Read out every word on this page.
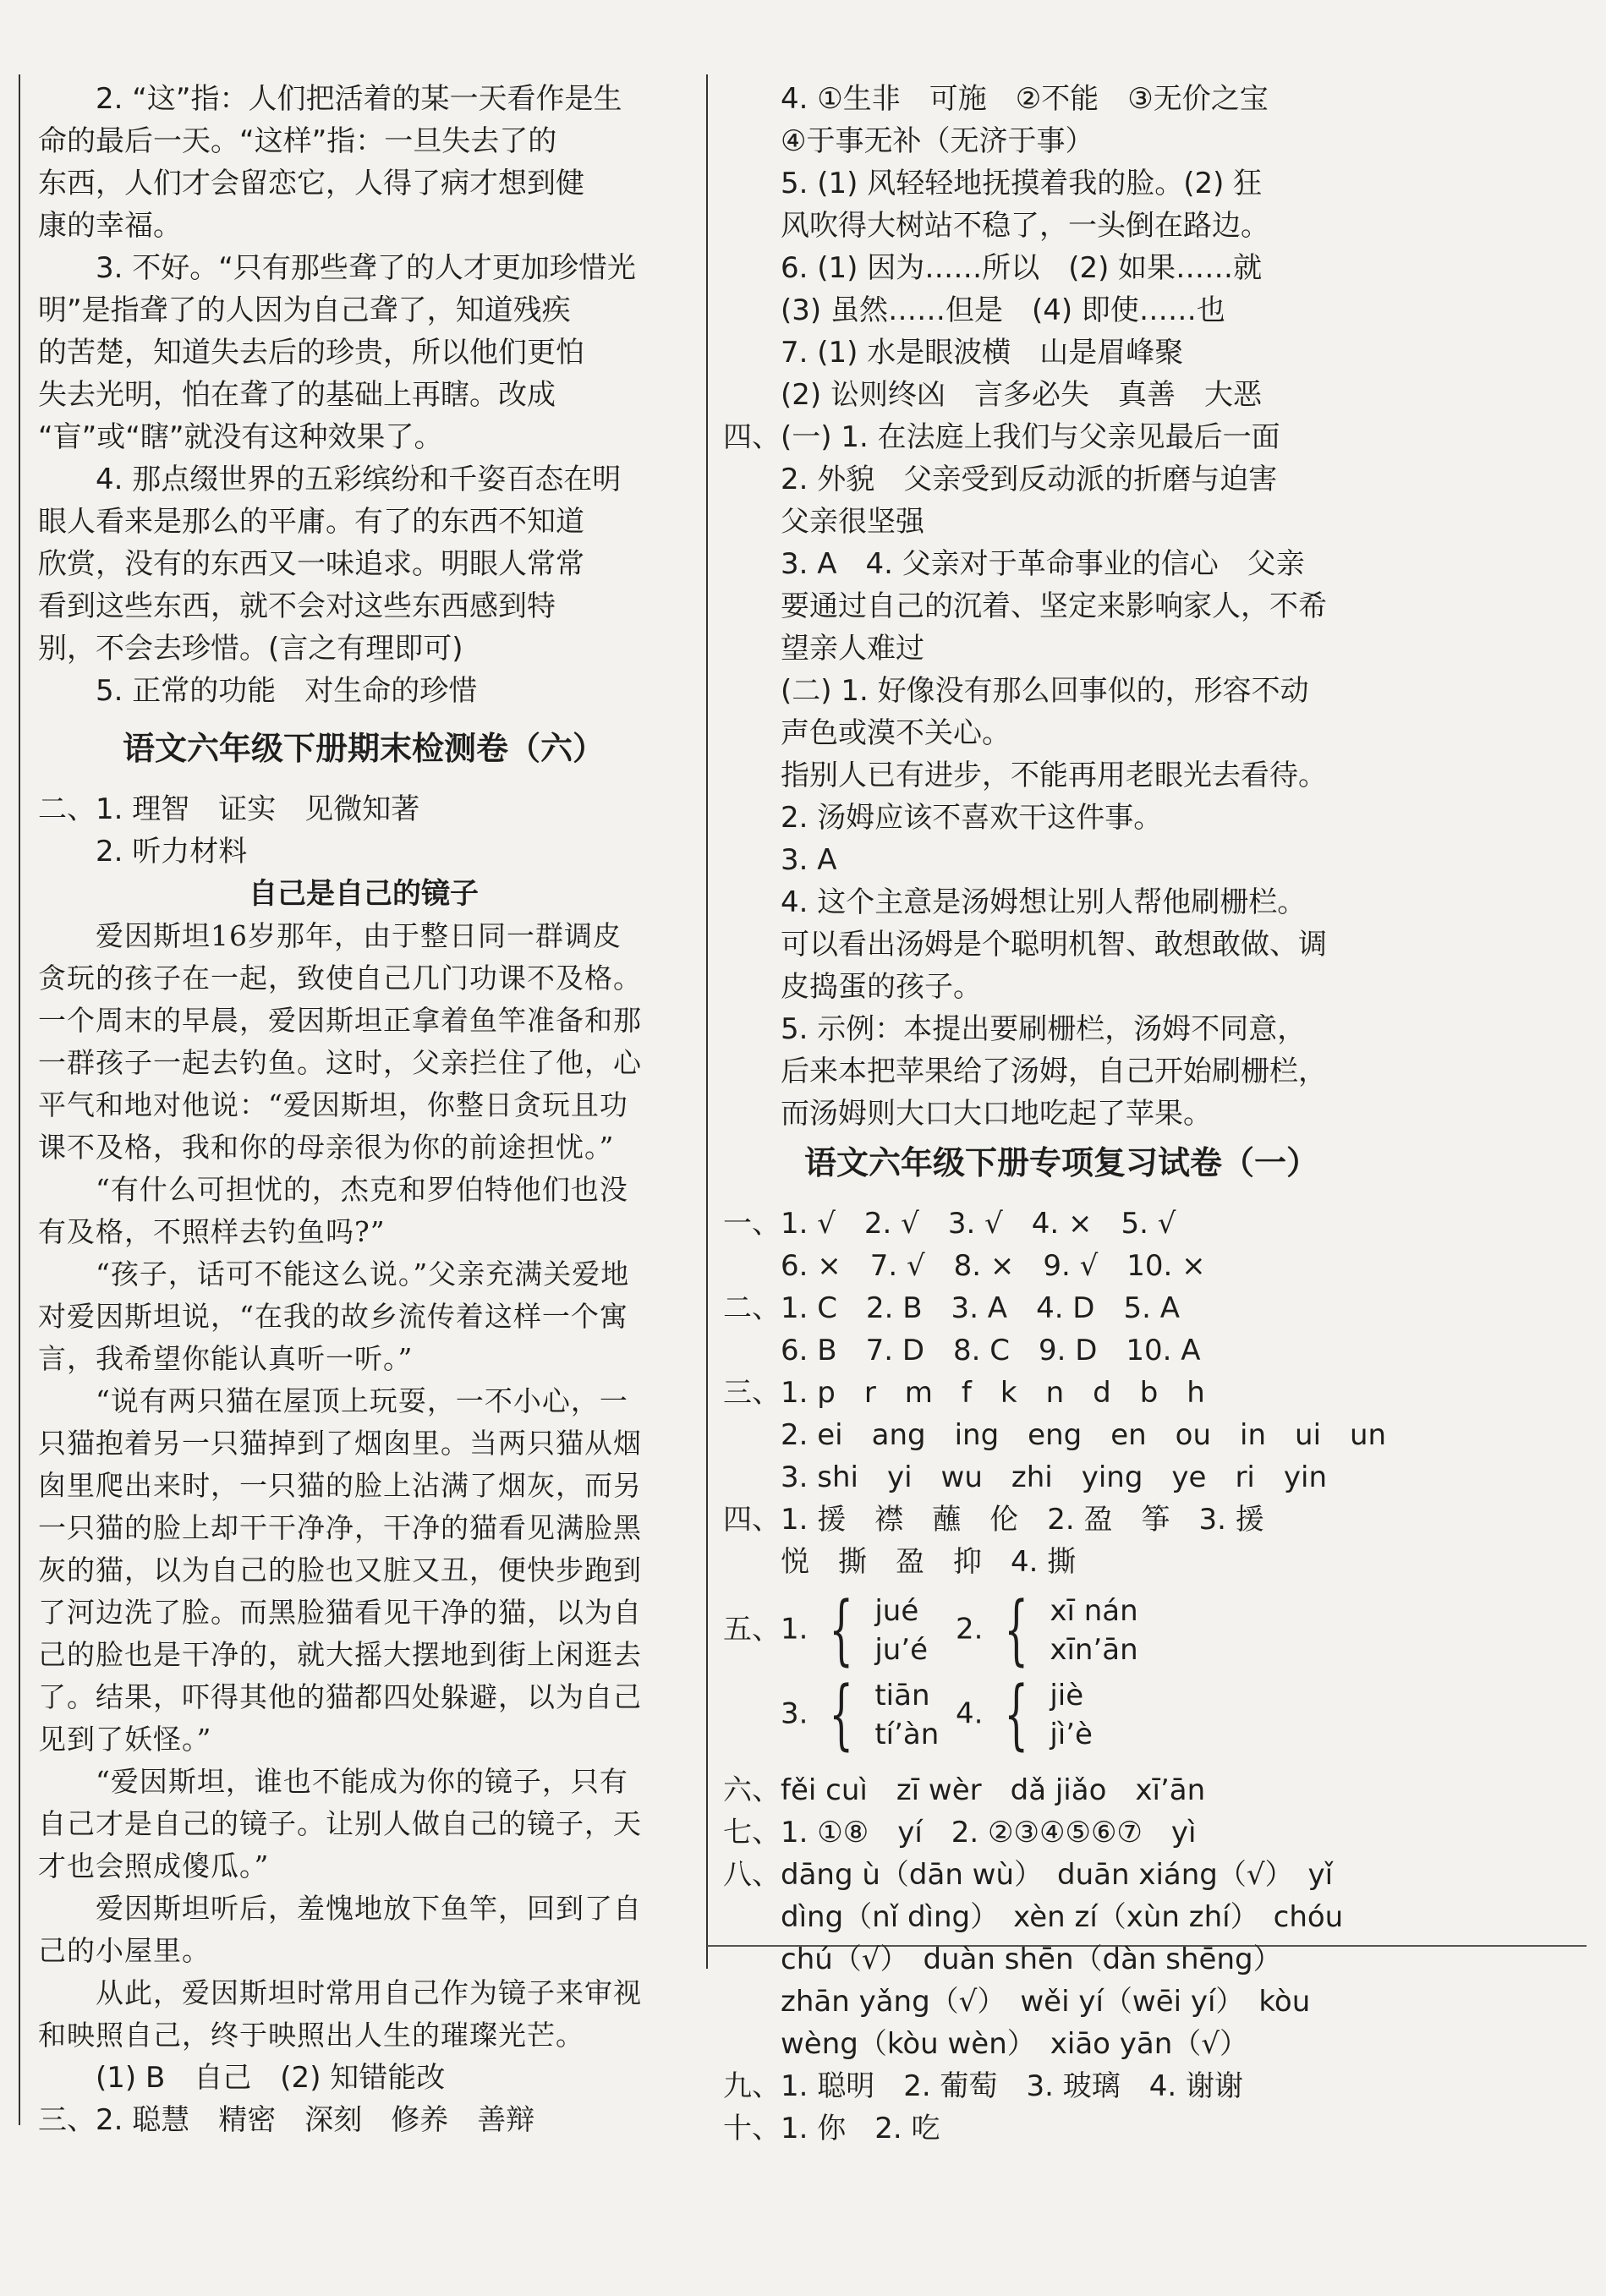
2. “这”指：人们把活着的某一天看作是生
命的最后一天。“这样”指：一旦失去了的
东西，人们才会留恋它，人得了病才想到健
康的幸福。
3. 不好。“只有那些聋了的人才更加珍惜光
明”是指聋了的人因为自己聋了，知道残疾
的苦楚，知道失去后的珍贵，所以他们更怕
失去光明，怕在聋了的基础上再瞎。改成
“盲”或“瞎”就没有这种效果了。
4. 那点缀世界的五彩缤纷和千姿百态在明
眼人看来是那么的平庸。有了的东西不知道
欣赏，没有的东西又一味追求。明眼人常常
看到这些东西，就不会对这些东西感到特
别，不会去珍惜。(言之有理即可)
5. 正常的功能　对生命的珍惜
语文六年级下册期末检测卷（六）
二、1. 理智　证实　见微知著
　　2. 听力材料
自己是自己的镜子
　　爱因斯坦16岁那年，由于整日同一群调皮
贪玩的孩子在一起，致使自己几门功课不及格。
一个周末的早晨，爱因斯坦正拿着鱼竿准备和那
一群孩子一起去钓鱼。这时，父亲拦住了他，心
平气和地对他说：“爱因斯坦，你整日贪玩且功
课不及格，我和你的母亲很为你的前途担忧。”
　　“有什么可担忧的，杰克和罗伯特他们也没
有及格，不照样去钓鱼吗?”
　　“孩子，话可不能这么说。”父亲充满关爱地
对爱因斯坦说，“在我的故乡流传着这样一个寓
言，我希望你能认真听一听。”
　　“说有两只猫在屋顶上玩耍，一不小心，一
只猫抱着另一只猫掉到了烟囱里。当两只猫从烟
囱里爬出来时，一只猫的脸上沾满了烟灰，而另
一只猫的脸上却干干净净，干净的猫看见满脸黑
灰的猫，以为自己的脸也又脏又丑，便快步跑到
了河边洗了脸。而黑脸猫看见干净的猫，以为自
己的脸也是干净的，就大摇大摆地到街上闲逛去
了。结果，吓得其他的猫都四处躲避，以为自己
见到了妖怪。”
　　“爱因斯坦，谁也不能成为你的镜子，只有
自己才是自己的镜子。让别人做自己的镜子，天
才也会照成傻瓜。”
　　爱因斯坦听后，羞愧地放下鱼竿，回到了自
己的小屋里。
　　从此，爱因斯坦时常用自己作为镜子来审视
和映照自己，终于映照出人生的璀璨光芒。
　　(1) B　自己　(2) 知错能改
三、2. 聪慧　精密　深刻　修养　善辩
4. ①生非　可施　②不能　③无价之宝
④于事无补（无济于事）
5. (1) 风轻轻地抚摸着我的脸。(2) 狂
风吹得大树站不稳了，一头倒在路边。
6. (1) 因为……所以　(2) 如果……就
(3) 虽然……但是　(4) 即使……也
7. (1) 水是眼波横　山是眉峰聚
(2) 讼则终凶　言多必失　真善　大恶
四、(一) 1. 在法庭上我们与父亲见最后一面
2. 外貌　父亲受到反动派的折磨与迫害
父亲很坚强
3. A　4. 父亲对于革命事业的信心　父亲
要通过自己的沉着、坚定来影响家人，不希
望亲人难过
(二) 1. 好像没有那么回事似的，形容不动
声色或漠不关心。
指别人已有进步，不能再用老眼光去看待。
2. 汤姆应该不喜欢干这件事。
3. A
4. 这个主意是汤姆想让别人帮他刷栅栏。
可以看出汤姆是个聪明机智、敢想敢做、调
皮捣蛋的孩子。
5. 示例：本提出要刷栅栏，汤姆不同意，
后来本把苹果给了汤姆，自己开始刷栅栏，
而汤姆则大口大口地吃起了苹果。
语文六年级下册专项复习试卷（一）
一、1. √　2. √　3. √　4. ×　5. √
　　6. ×　7. √　8. ×　9. √　10. ×
二、1. C　2. B　3. A　4. D　5. A
　　6. B　7. D　8. C　9. D　10. A
三、1. p　r　m　f　k　n　d　b　h
　　2. ei　ang　ing　eng　en　ou　in　ui　un
　　3. shi　yi　wu　zhi　ying　ye　ri　yin
四、1. 援　襟　蘸　伦　2. 盈　筝　3. 援
　　悦　撕　盈　抑　4. 撕
五、 1. { jué
ju’é
2. { xī nán
xīn’ān
3. { tiān
tí’àn
4. { jiè
jì’è
六、fěi cuì　zī wèr　dǎ jiǎo　xī’ān
七、1. ①⑧　yí　2. ②③④⑤⑥⑦　yì
八、dāng ù（dān wù）　duān xiáng（√）　yǐ
　　dìng（nǐ dìng）　xèn zí（xùn zhí）　chóu
　　chú（√）　duàn shēn（dàn shēng）
　　zhān yǎng（√）　wěi yí（wēi yí）　kòu
　　wèng（kòu wèn）　xiāo yān（√）
九、1. 聪明　2. 葡萄　3. 玻璃　4. 谢谢
十、1. 你　2. 吃
